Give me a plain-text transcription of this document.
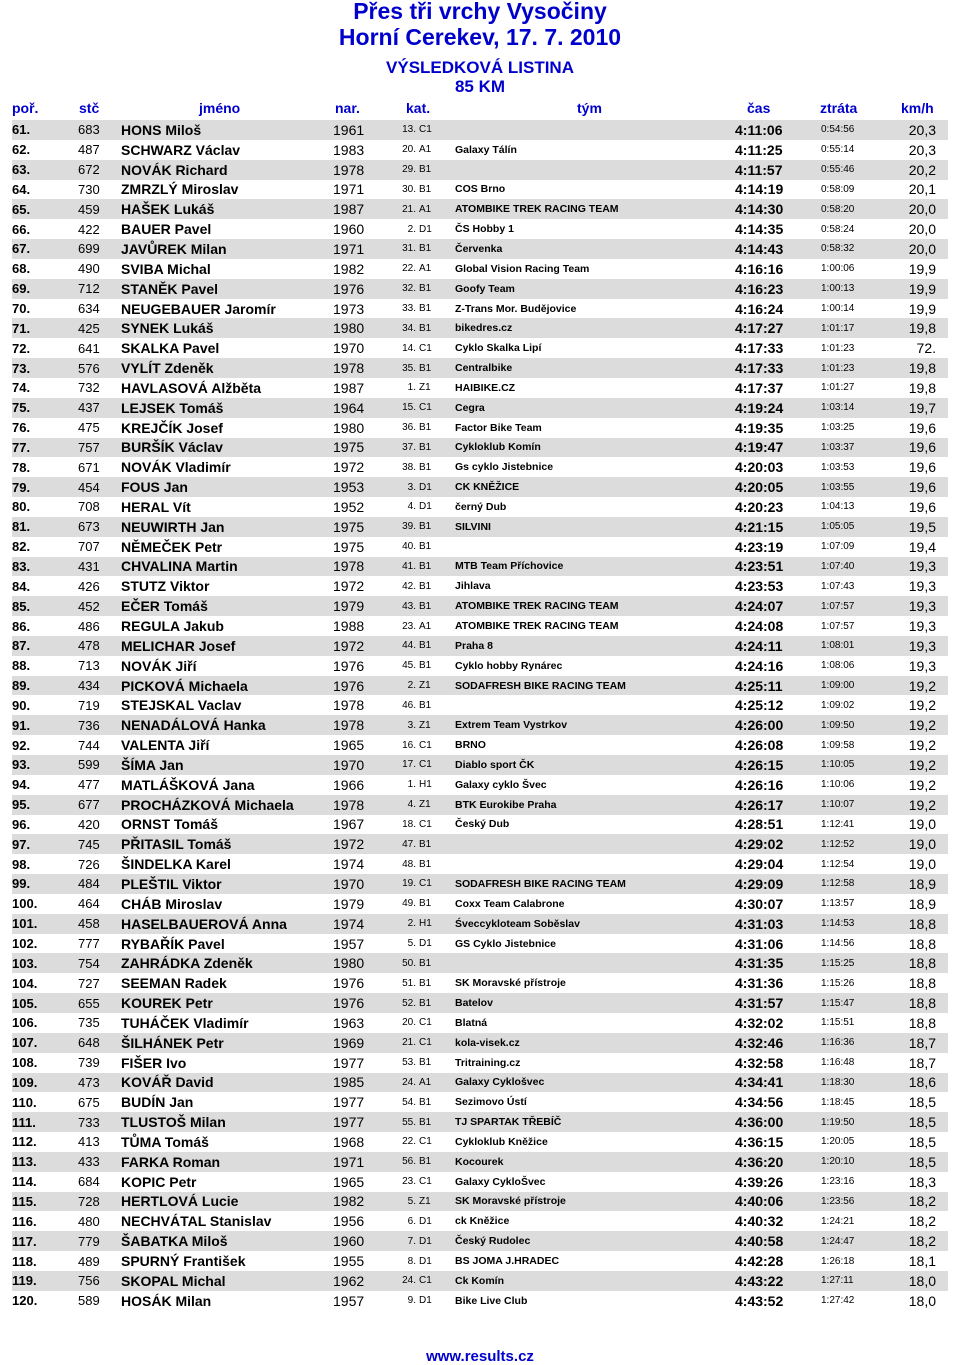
Přes tři vrchy Vysočiny
Horní Cerekev, 17. 7. 2010
VÝSLEDKOVÁ LISTINA
85 KM
poř.	stč	jméno	nar.	kat.	tým	čas	ztráta	km/h
61.	683	HONS Miloš	1961	13.	C1		4:11:06	0:54:56	20,3
62.	487	SCHWARZ Václav	1983	20.	A1	Galaxy Tálín	4:11:25	0:55:14	20,3
63.	672	NOVÁK Richard	1978	29.	B1		4:11:57	0:55:46	20,2
64.	730	ZMRZLÝ Miroslav	1971	30.	B1	COS Brno	4:14:19	0:58:09	20,1
65.	459	HAŠEK Lukáš	1987	21.	A1	ATOMBIKE TREK RACING TEAM	4:14:30	0:58:20	20,0
66.	422	BAUER Pavel	1960	2.	D1	ČS Hobby 1	4:14:35	0:58:24	20,0
67.	699	JAVŮREK Milan	1971	31.	B1	Červenka	4:14:43	0:58:32	20,0
68.	490	SVIBA Michal	1982	22.	A1	Global Vision Racing Team	4:16:16	1:00:06	19,9
69.	712	STANĚK Pavel	1976	32.	B1	Goofy Team	4:16:23	1:00:13	19,9
70.	634	NEUGEBAUER Jaromír	1973	33.	B1	Z-Trans Mor. Budějovice	4:16:24	1:00:14	19,9
71.	425	SYNEK Lukáš	1980	34.	B1	bikedres.cz	4:17:27	1:01:17	19,8
72.	641	SKALKA Pavel	1970	14.	C1	Cyklo Skalka Lipí	4:17:33	1:01:23	72.
73.	576	VYLÍT Zdeněk	1978	35.	B1	Centralbike	4:17:33	1:01:23	19,8
74.	732	HAVLASOVÁ Alžběta	1987	1.	Z1	HAIBIKE.CZ	4:17:37	1:01:27	19,8
75.	437	LEJSEK Tomáš	1964	15.	C1	Cegra	4:19:24	1:03:14	19,7
76.	475	KREJČÍK Josef	1980	36.	B1	Factor Bike Team	4:19:35	1:03:25	19,6
77.	757	BURŠÍK Václav	1975	37.	B1	Cykloklub Komín	4:19:47	1:03:37	19,6
78.	671	NOVÁK Vladimír	1972	38.	B1	Gs cyklo Jistebnice	4:20:03	1:03:53	19,6
79.	454	FOUS Jan	1953	3.	D1	CK KNĚŽICE	4:20:05	1:03:55	19,6
80.	708	HERAL Vít	1952	4.	D1	černý Dub	4:20:23	1:04:13	19,6
81.	673	NEUWIRTH Jan	1975	39.	B1	SILVINI	4:21:15	1:05:05	19,5
82.	707	NĚMEČEK Petr	1975	40.	B1		4:23:19	1:07:09	19,4
83.	431	CHVALINA Martin	1978	41.	B1	MTB Team Příchovice	4:23:51	1:07:40	19,3
84.	426	STUTZ Viktor	1972	42.	B1	Jihlava	4:23:53	1:07:43	19,3
85.	452	EČER Tomáš	1979	43.	B1	ATOMBIKE TREK RACING TEAM	4:24:07	1:07:57	19,3
86.	486	REGULA Jakub	1988	23.	A1	ATOMBIKE TREK RACING TEAM	4:24:08	1:07:57	19,3
87.	478	MELICHAR Josef	1972	44.	B1	Praha 8	4:24:11	1:08:01	19,3
88.	713	NOVÁK Jiří	1976	45.	B1	Cyklo hobby Rynárec	4:24:16	1:08:06	19,3
89.	434	PICKOVÁ Michaela	1976	2.	Z1	SODAFRESH BIKE RACING TEAM	4:25:11	1:09:00	19,2
90.	719	STEJSKAL Vaclav	1978	46.	B1		4:25:12	1:09:02	19,2
91.	736	NENADÁLOVÁ Hanka	1978	3.	Z1	Extrem Team Vystrkov	4:26:00	1:09:50	19,2
92.	744	VALENTA Jiří	1965	16.	C1	BRNO	4:26:08	1:09:58	19,2
93.	599	ŠÍMA Jan	1970	17.	C1	Diablo sport ČK	4:26:15	1:10:05	19,2
94.	477	MATLÁŠKOVÁ Jana	1966	1.	H1	Galaxy cyklo Švec	4:26:16	1:10:06	19,2
95.	677	PROCHÁZKOVÁ Michaela	1978	4.	Z1	BTK Eurokibe Praha	4:26:17	1:10:07	19,2
96.	420	ORNST Tomáš	1967	18.	C1	Český Dub	4:28:51	1:12:41	19,0
97.	745	PŘITASIL Tomáš	1972	47.	B1		4:29:02	1:12:52	19,0
98.	726	ŠINDELKA Karel	1974	48.	B1		4:29:04	1:12:54	19,0
99.	484	PLEŠTIL Viktor	1970	19.	C1	SODAFRESH BIKE RACING TEAM	4:29:09	1:12:58	18,9
100.	464	CHÁB Miroslav	1979	49.	B1	Coxx Team Calabrone	4:30:07	1:13:57	18,9
101.	458	HASELBAUEROVÁ Anna	1974	2.	H1	Śveccykloteam Soběslav	4:31:03	1:14:53	18,8
102.	777	RYBAŘÍK Pavel	1957	5.	D1	GS Cyklo Jistebnice	4:31:06	1:14:56	18,8
103.	754	ZAHRÁDKA Zdeněk	1980	50.	B1		4:31:35	1:15:25	18,8
104.	727	SEEMAN Radek	1976	51.	B1	SK Moravské přístroje	4:31:36	1:15:26	18,8
105.	655	KOUREK Petr	1976	52.	B1	Batelov	4:31:57	1:15:47	18,8
106.	735	TUHÁČEK Vladimír	1963	20.	C1	Blatná	4:32:02	1:15:51	18,8
107.	648	ŠILHÁNEK Petr	1969	21.	C1	kola-visek.cz	4:32:46	1:16:36	18,7
108.	739	FIŠER Ivo	1977	53.	B1	Tritraining.cz	4:32:58	1:16:48	18,7
109.	473	KOVÁŘ David	1985	24.	A1	Galaxy Cyklošvec	4:34:41	1:18:30	18,6
110.	675	BUDÍN Jan	1977	54.	B1	Sezimovo Ústí	4:34:56	1:18:45	18,5
111.	733	TLUSTOŠ Milan	1977	55.	B1	TJ SPARTAK TŘEBÍČ	4:36:00	1:19:50	18,5
112.	413	TŮMA Tomáš	1968	22.	C1	Cykloklub Kněžice	4:36:15	1:20:05	18,5
113.	433	FARKA Roman	1971	56.	B1	Kocourek	4:36:20	1:20:10	18,5
114.	684	KOPIC Petr	1965	23.	C1	Galaxy CykloŠvec	4:39:26	1:23:16	18,3
115.	728	HERTLOVÁ Lucie	1982	5.	Z1	SK Moravské přístroje	4:40:06	1:23:56	18,2
116.	480	NECHVÁTAL Stanislav	1956	6.	D1	ck Kněžice	4:40:32	1:24:21	18,2
117.	779	ŠABATKA Miloš	1960	7.	D1	Český Rudolec	4:40:58	1:24:47	18,2
118.	489	SPURNÝ František	1955	8.	D1	BS JOMA J.HRADEC	4:42:28	1:26:18	18,1
119.	756	SKOPAL Michal	1962	24.	C1	Ck Komín	4:43:22	1:27:11	18,0
120.	589	HOSÁK Milan	1957	9.	D1	Bike Live Club	4:43:52	1:27:42	18,0
www.results.cz
